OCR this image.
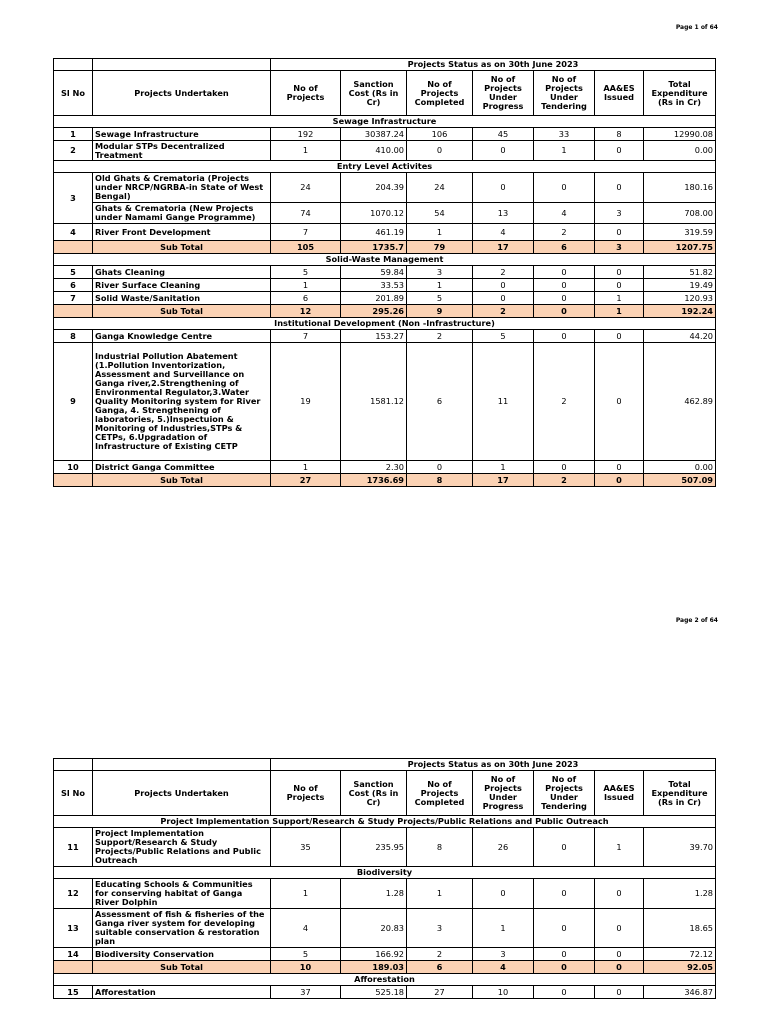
Page 1 of 64
		Projects Status as on 30th June 2023						
Sl No	Projects Undertaken	No of Projects	Sanction Cost (Rs in Cr)	No of Projects Completed	No of Projects Under Progress	No of Projects Under Tendering	AA&ES Issued	Total Expenditure (Rs in Cr)
Sewage Infrastructure								
1	Sewage Infrastructure	192	30387.24	106	45	33	8	12990.08
2	Modular STPs Decentralized Treatment	1	410.00	0	0	1	0	0.00
Entry Level Activites								
3	Old Ghats & Crematoria (Projects under NRCP/NGRBA-in State of West Bengal)	24	204.39	24	0	0	0	180.16
	Ghats & Crematoria (New Projects under Namami Gange Programme)	74	1070.12	54	13	4	3	708.00
4	River Front Development	7	461.19	1	4	2	0	319.59
	Sub Total	105	1735.7	79	17	6	3	1207.75
Solid-Waste Management								
5	Ghats Cleaning	5	59.84	3	2	0	0	51.82
6	River Surface Cleaning	1	33.53	1	0	0	0	19.49
7	Solid Waste/Sanitation	6	201.89	5	0	0	1	120.93
	Sub Total	12	295.26	9	2	0	1	192.24
Institutional Development (Non -Infrastructure)								
8	Ganga Knowledge Centre	7	153.27	2	5	0	0	44.20
9	Industrial Pollution Abatement (1.Pollution Inventorization, Assessment and Surveillance on Ganga river,2.Strengthening of Environmental Regulator,3.Water Quality Monitoring system for River Ganga, 4. Strengthening of laboratories, 5.)Inspectuion & Monitoring of Industries,STPs & CETPs, 6.Upgradation of Infrastructure of Existing CETP	19	1581.12	6	11	2	0	462.89
10	District Ganga Committee	1	2.30	0	1	0	0	0.00
	Sub Total	27	1736.69	8	17	2	0	507.09
Page 2 of 64
		Projects Status as on 30th June 2023						
Sl No	Projects Undertaken	No of Projects	Sanction Cost (Rs in Cr)	No of Projects Completed	No of Projects Under Progress	No of Projects Under Tendering	AA&ES Issued	Total Expenditure (Rs in Cr)
Project Implementation Support/Research & Study Projects/Public Relations and Public Outreach								
11	Project Implementation Support/Research & Study Projects/Public Relations and Public Outreach	35	235.95	8	26	0	1	39.70
Biodiversity								
12	Educating Schools & Communities for conserving habitat of Ganga River Dolphin	1	1.28	1	0	0	0	1.28
13	Assessment of fish & fisheries of the Ganga river system for developing suitable conservation & restoration plan	4	20.83	3	1	0	0	18.65
14	Biodiversity Conservation	5	166.92	2	3	0	0	72.12
	Sub Total	10	189.03	6	4	0	0	92.05
Afforestation								
15	Afforestation	37	525.18	27	10	0	0	346.87
